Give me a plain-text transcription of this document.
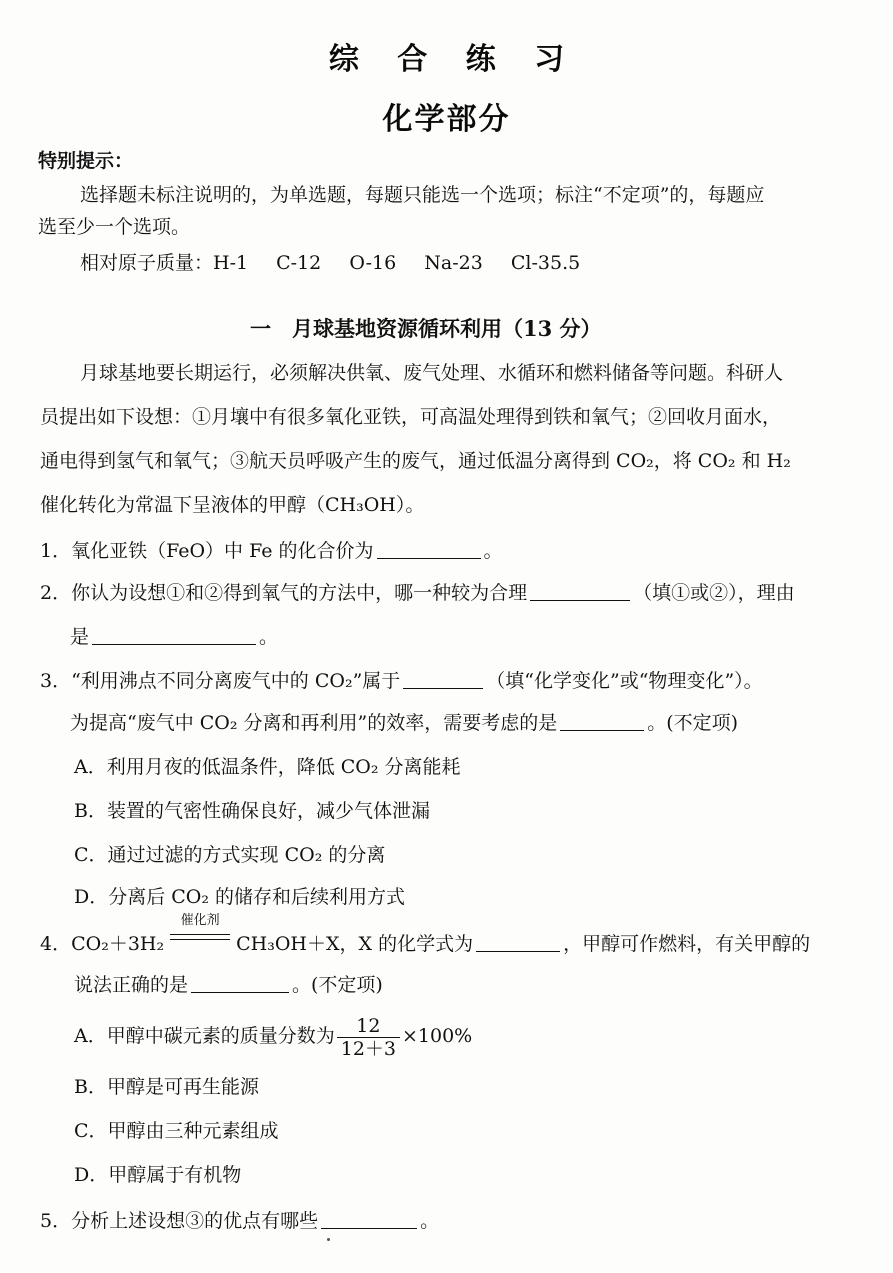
综 合 练 习
化学部分
特别提示：
选择题未标注说明的，为单选题，每题只能选一个选项；标注“不定项”的，每题应
选至少一个选项。
相对原子质量：H-1 C-12 O-16 Na-23 Cl-35.5
一　月球基地资源循环利用（13 分）
月球基地要长期运行，必须解决供氧、废气处理、水循环和燃料储备等问题。科研人
员提出如下设想：①月壤中有很多氧化亚铁，可高温处理得到铁和氧气；②回收月面水，
通电得到氢气和氧气；③航天员呼吸产生的废气，通过低温分离得到 CO₂，将 CO₂ 和 H₂
催化转化为常温下呈液体的甲醇（CH₃OH）。
1．氧化亚铁（FeO）中 Fe 的化合价为	。
2．你认为设想①和②得到氧气的方法中，哪一种较为合理	（填①或②），理由
是	。
3．“利用沸点不同分离废气中的 CO₂”属于	（填“化学变化”或“物理变化”）。
为提高“废气中 CO₂ 分离和再利用”的效率，需要考虑的是	。(不定项)
A．利用月夜的低温条件，降低 CO₂ 分离能耗
B．装置的气密性确保良好，减少气体泄漏
C．通过过滤的方式实现 CO₂ 的分离
D．分离后 CO₂ 的储存和后续利用方式
4．CO₂＋3H₂
催化剂
CH₃OH＋X，X 的化学式为	，甲醇可作燃料，有关甲醇的
说法正确的是	。(不定项)
A．甲醇中碳元素的质量分数为 $\frac{12}{12+3} \times 100\%$
B．甲醇是可再生能源
C．甲醇由三种元素组成
D．甲醇属于有机物
5．分析上述设想③的优点有哪些	。
